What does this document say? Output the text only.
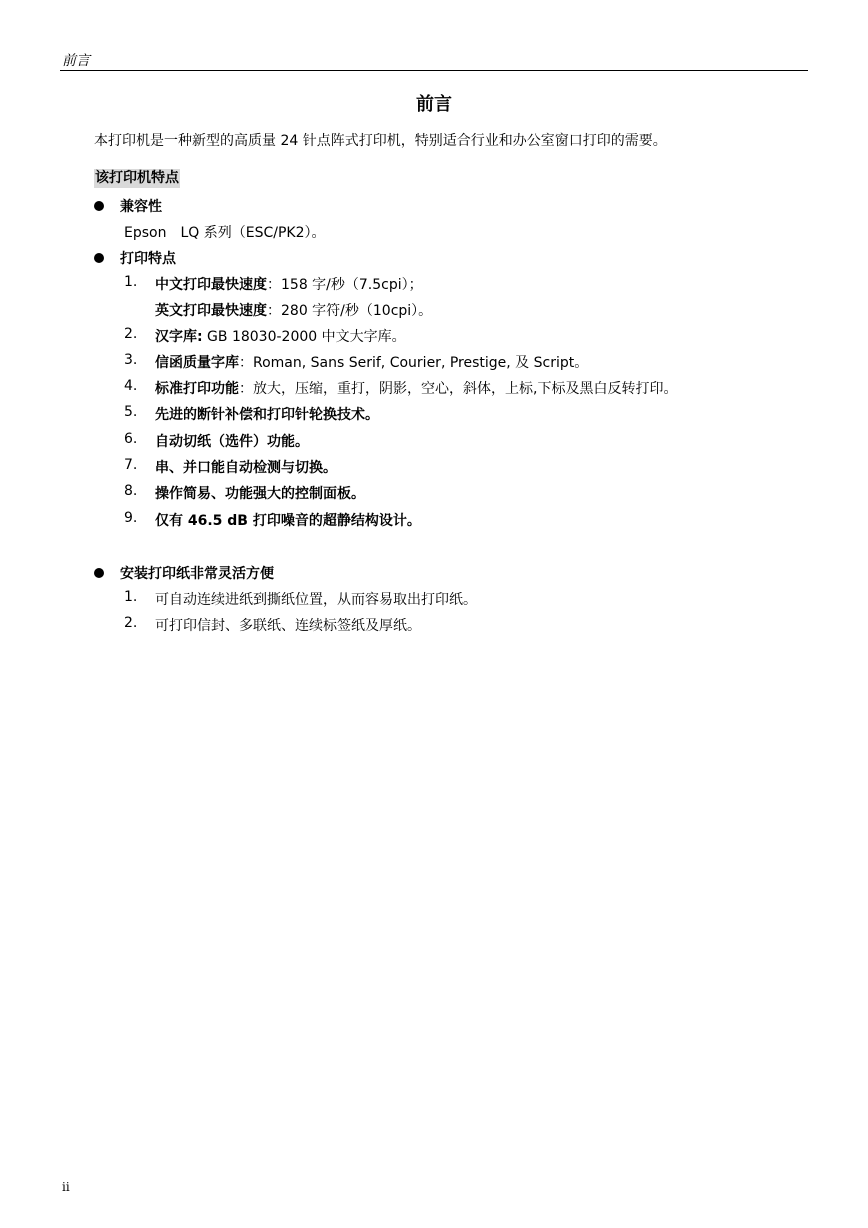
前言
前言
本打印机是一种新型的高质量 24 针点阵式打印机，特别适合行业和办公室窗口打印的需要。
该打印机特点
兼容性
Epson　LQ 系列（ESC/PK2）。
打印特点
1. 中文打印最快速度：158 字/秒（7.5cpi）；
英文打印最快速度：280 字符/秒（10cpi）。
2. 汉字库: GB 18030-2000 中文大字库。
3. 信函质量字库：Roman, Sans Serif, Courier, Prestige, 及 Script。
4. 标准打印功能：放大，压缩，重打，阴影，空心，斜体，上标,下标及黑白反转打印。
5. 先进的断针补偿和打印针轮换技术。
6. 自动切纸（选件）功能。
7. 串、并口能自动检测与切换。
8. 操作简易、功能强大的控制面板。
9. 仅有 46.5 dB 打印噪音的超静结构设计。
安装打印纸非常灵活方便
1. 可自动连续进纸到撕纸位置，从而容易取出打印纸。
2. 可打印信封、多联纸、连续标签纸及厚纸。
ii
